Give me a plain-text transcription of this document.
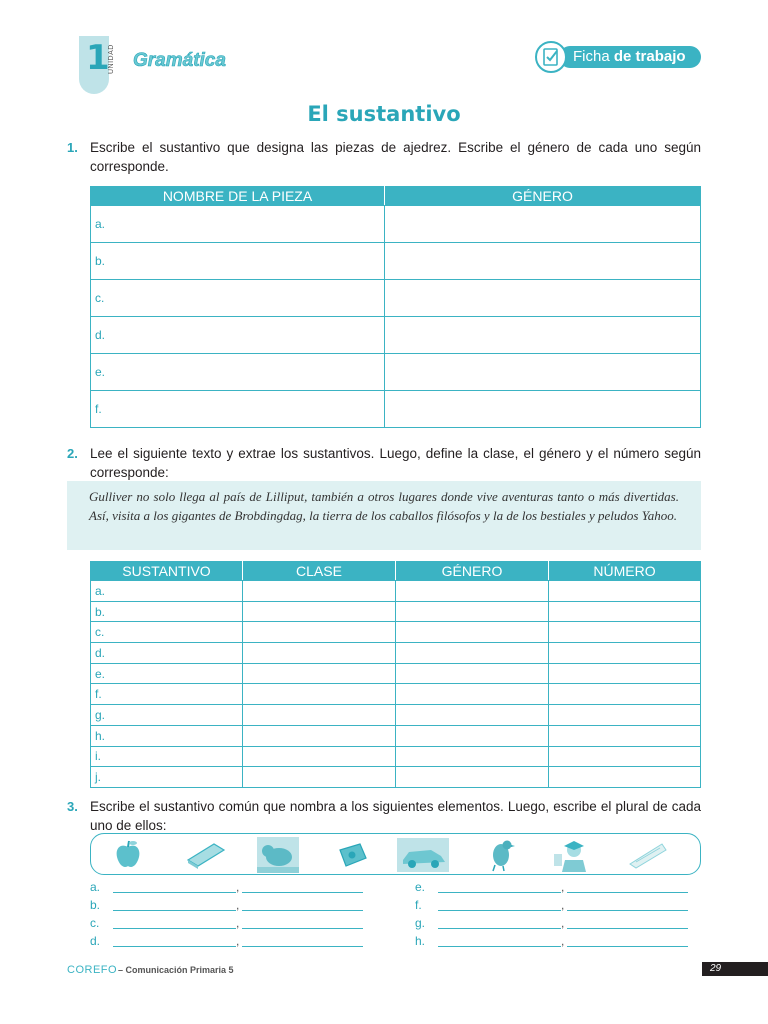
1
UNIDAD Gramática	Ficha de trabajo
El sustantivo
1. Escribe el sustantivo que designa las piezas de ajedrez. Escribe el género de cada uno según corresponde.
NOMBRE DE LA PIEZA	GÉNERO
a.	
b.	
c.	
d.	
e.	
f.	
2. Lee el siguiente texto y extrae los sustantivos. Luego, define la clase, el género y el número según corresponde:
Gulliver no solo llega al país de Lilliput, también a otros lugares donde vive aventuras tanto o más divertidas. Así, visita a los gigantes de Brobdingdag, la tierra de los caballos filósofos y la de los bestiales y peludos Yahoo.
SUSTANTIVO	CLASE	GÉNERO	NÚMERO
a.			
b.			
c.			
d.			
e.			
f.			
g.			
h.			
i.			
j.			
3. Escribe el sustantivo común que nombra a los siguientes elementos. Luego, escribe el plural de cada uno de ellos:
a.	,
b.	,
c.	,
d.	,
e.	,
f.	,
g.	,
h.	,
COREFO – Comunicación Primaria 5	29
